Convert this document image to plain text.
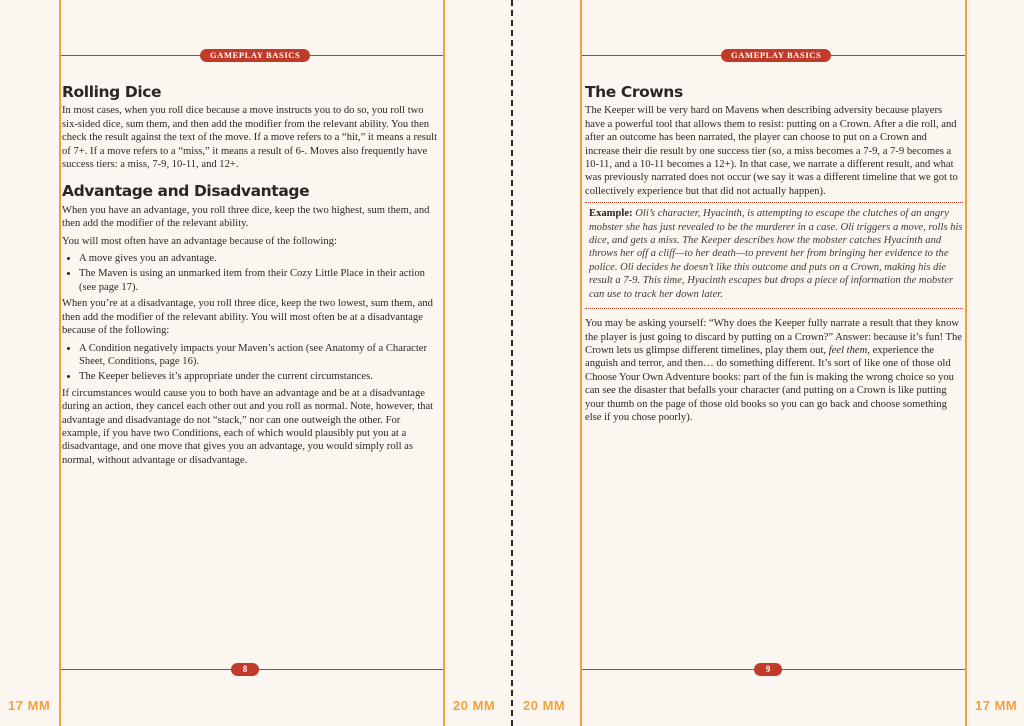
17 MM	20 MM 20 MM	17 MM
GAMEPLAY BASICS
Rolling Dice

In most cases, when you roll dice because a move instructs you to do so, you roll two six-sided dice, sum them, and then add the modifier from the relevant ability. You then check the result against the text of the move. If a move refers to a “hit,” it means a result of 7+. If a move refers to a “miss,” it means a result of 6-. Moves also frequently have success tiers: a miss, 7-9, 10-11, and 12+.

Advantage and Disadvantage

When you have an advantage, you roll three dice, keep the two highest, sum them, and then add the modifier of the relevant ability.

You will most often have an advantage because of the following:

• A move gives you an advantage.
• The Maven is using an unmarked item from their Cozy Little Place in their action (see page 17).

When you’re at a disadvantage, you roll three dice, keep the two lowest, sum them, and then add the modifier of the relevant ability. You will most often be at a disadvantage because of the following:

• A Condition negatively impacts your Maven’s action (see Anatomy of a Character Sheet, Conditions, page 16).
• The Keeper believes it’s appropriate under the current circumstances.

If circumstances would cause you to both have an advantage and be at a disadvantage during an action, they cancel each other out and you roll as normal. Note, however, that advantage and disadvantage do not “stack,” nor can one outweigh the other. For example, if you have two Conditions, each of which would plausibly put you at a disadvantage, and one move that gives you an advantage, you would simply roll as normal, without advantage or disadvantage.

8
GAMEPLAY BASICS
The Crowns

The Keeper will be very hard on Mavens when describing adversity because players have a powerful tool that allows them to resist: putting on a Crown. After a die roll, and after an outcome has been narrated, the player can choose to put on a Crown and increase their die result by one success tier (so, a miss becomes a 7-9, a 7-9 becomes a 10-11, and a 10-11 becomes a 12+). In that case, we narrate a different result, and what was previously narrated does not occur (we say it was a different timeline that we got to collectively experience but that did not actually happen).

Example: Oli’s character, Hyacinth, is attempting to escape the clutches of an angry mobster she has just revealed to be the murderer in a case. Oli triggers a move, rolls his dice, and gets a miss. The Keeper describes how the mobster catches Hyacinth and throws her off a cliff—to her death—to prevent her from bringing her evidence to the police. Oli decides he doesn’t like this outcome and puts on a Crown, making his die result a 7-9. This time, Hyacinth escapes but drops a piece of information the mobster can use to track her down later.

You may be asking yourself: “Why does the Keeper fully narrate a result that they know the player is just going to discard by putting on a Crown?” Answer: because it’s fun! The Crown lets us glimpse different timelines, play them out, feel them, experience the anguish and terror, and then… do something different. It’s sort of like one of those old Choose Your Own Adventure books: part of the fun is making the wrong choice so you can see the disaster that befalls your character (and putting on a Crown is like putting your thumb on the page of those old books so you can go back and choose something else if you chose poorly).

9
